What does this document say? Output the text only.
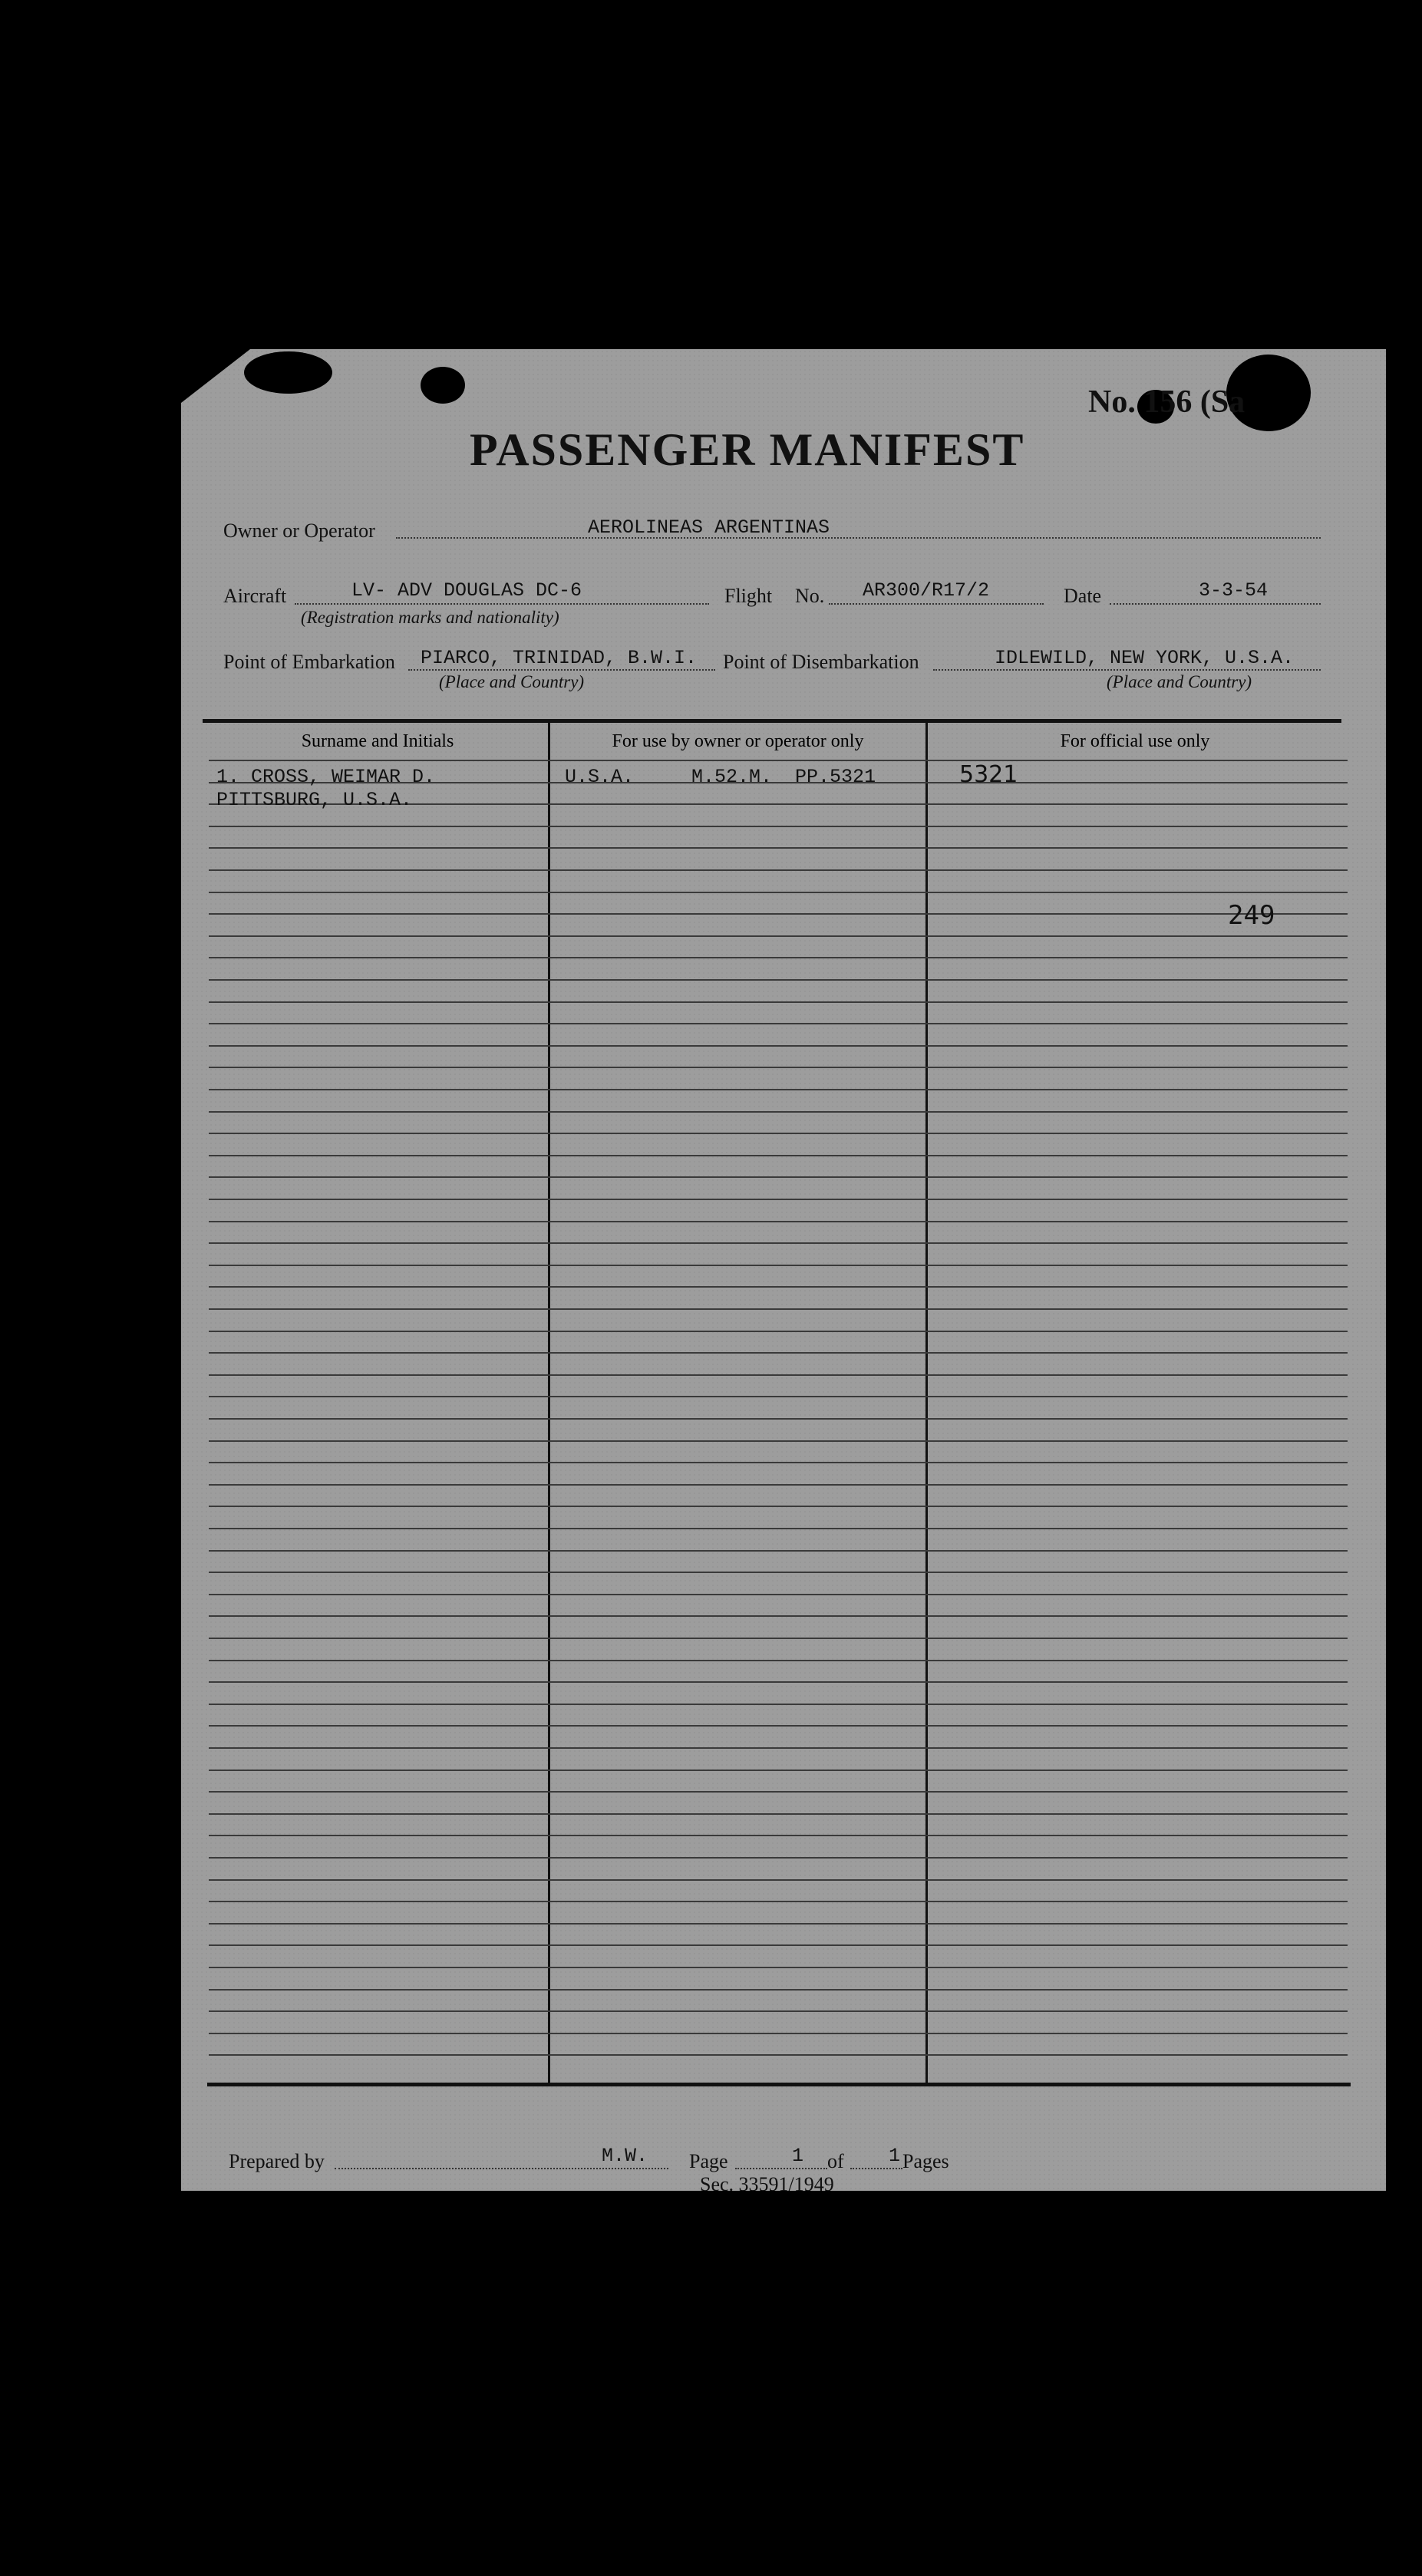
PASSENGER MANIFEST
No. 156 (Sa
Owner or Operator	AEROLINEAS ARGENTINAS
Aircraft	LV- ADV DOUGLAS DC-6
(Registration marks and nationality)
Flight No. AR300/R17/2	Date	3-3-54
Point of Embarkation PIARCO, TRINIDAD, B.W.I.
(Place and Country)
Point of Disembarkation	IDLEWILD, NEW YORK, U.S.A.
(Place and Country)
Surname and Initials	For use by owner or operator only	For official use only
1. CROSS, WEIMAR D.	U.S.A.     M.52.M.  PP.5321	5321
PITTSBURG, U.S.A.
249
Prepared by	M.W. Page	1 of 1 Pages
Sec. 33591/1949
